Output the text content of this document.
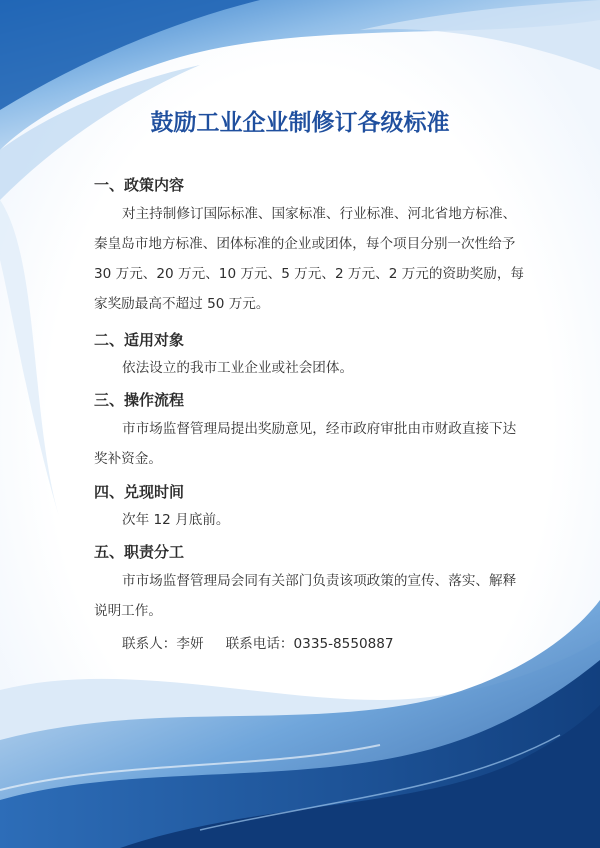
鼓励工业企业制修订各级标准
一、政策内容
对主持制修订国际标准、国家标准、行业标准、河北省地方标准、秦皇岛市地方标准、团体标准的企业或团体，每个项目分别一次性给予 30 万元、20 万元、10 万元、5 万元、2 万元、2 万元的资助奖励，每家奖励最高不超过 50 万元。
二、适用对象
依法设立的我市工业企业或社会团体。
三、操作流程
市市场监督管理局提出奖励意见，经市政府审批由市财政直接下达奖补资金。
四、兑现时间
次年 12 月底前。
五、职责分工
市市场监督管理局会同有关部门负责该项政策的宣传、落实、解释说明工作。
联系人：李妍 联系电话：0335-8550887
